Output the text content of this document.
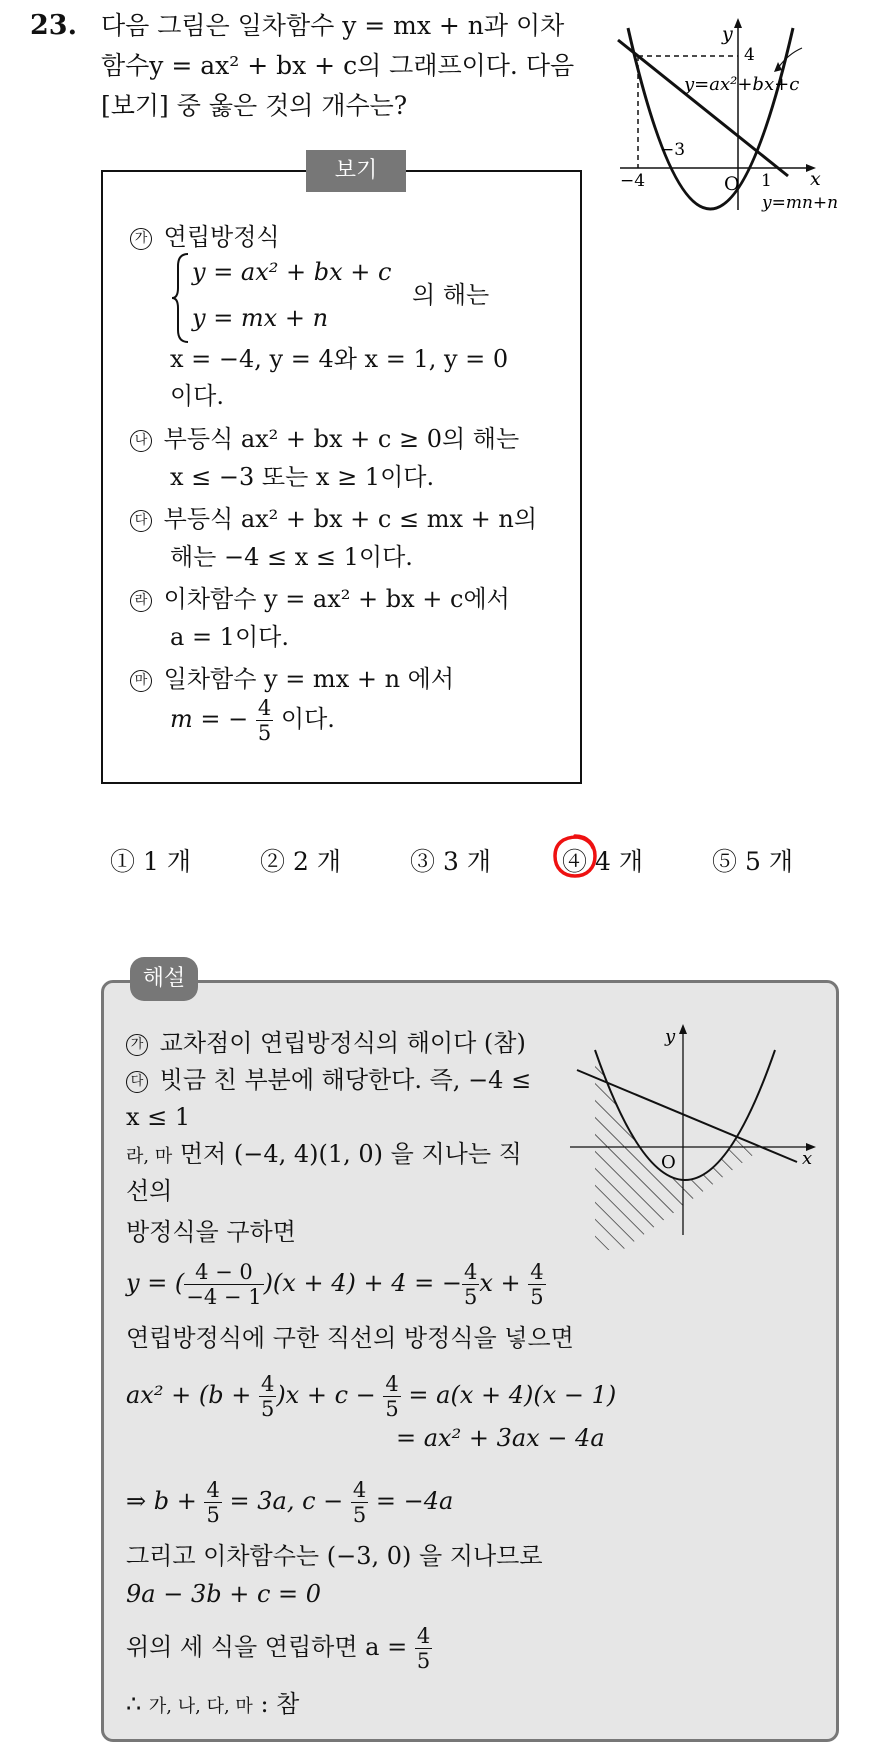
23. 다음 그림은 일차함수 y = mx + n과 이차
함수y = ax² + bx + c의 그래프이다. 다음
[보기] 중 옳은 것의 개수는?
y
x
O
4
−4
−3
1
y=ax²+bx+c
y=mn+n
보기
가 연립방정식
y = ax² + bx + c
y = mx + n
의 해는
x = −4, y = 4와 x = 1, y = 0
이다.
나 부등식 ax² + bx + c ≥ 0의 해는
x ≤ −3 또는 x ≥ 1이다.
다 부등식 ax² + bx + c ≤ mx + n의
해는 −4 ≤ x ≤ 1이다.
라 이차함수 y = ax² + bx + c에서
a = 1이다.
마 일차함수 y = mx + n 에서
m = − $\frac{4}{5}$ 이다.
① 1 개	② 2 개	③ 3 개	④ 4 개	⑤ 5 개
해설
y
x
O
가 교차점이 연립방정식의 해이다 (참)
다 빗금 친 부분에 해당한다. 즉, −4 ≤
x ≤ 1
라, 마 먼저 (−4, 4)(1, 0) 을 지나는 직
선의
방정식을 구하면
y = ( $\frac{4 - 0}{-4 - 1} )(x + 4) + 4$ = − $\frac{4}{5}$ $x + \frac{4}{5}$
연립방정식에 구한 직선의 방정식을 넣으면
$ax^2 + (b + \frac{4}{5} )x + c - \frac{4}{5} = a(x + 4)(x - 1)$
= ax² + 3ax − 4a
⇒ $b + \frac{4}{5} = 3a$, $c - \frac{4}{5} = -4a$
그리고 이차함수는 (−3, 0) 을 지나므로
9a − 3b + c = 0
위의 세 식을 연립하면 $a = \frac{4}{5}$
∴ 가, 나, 다, 마 : 참
